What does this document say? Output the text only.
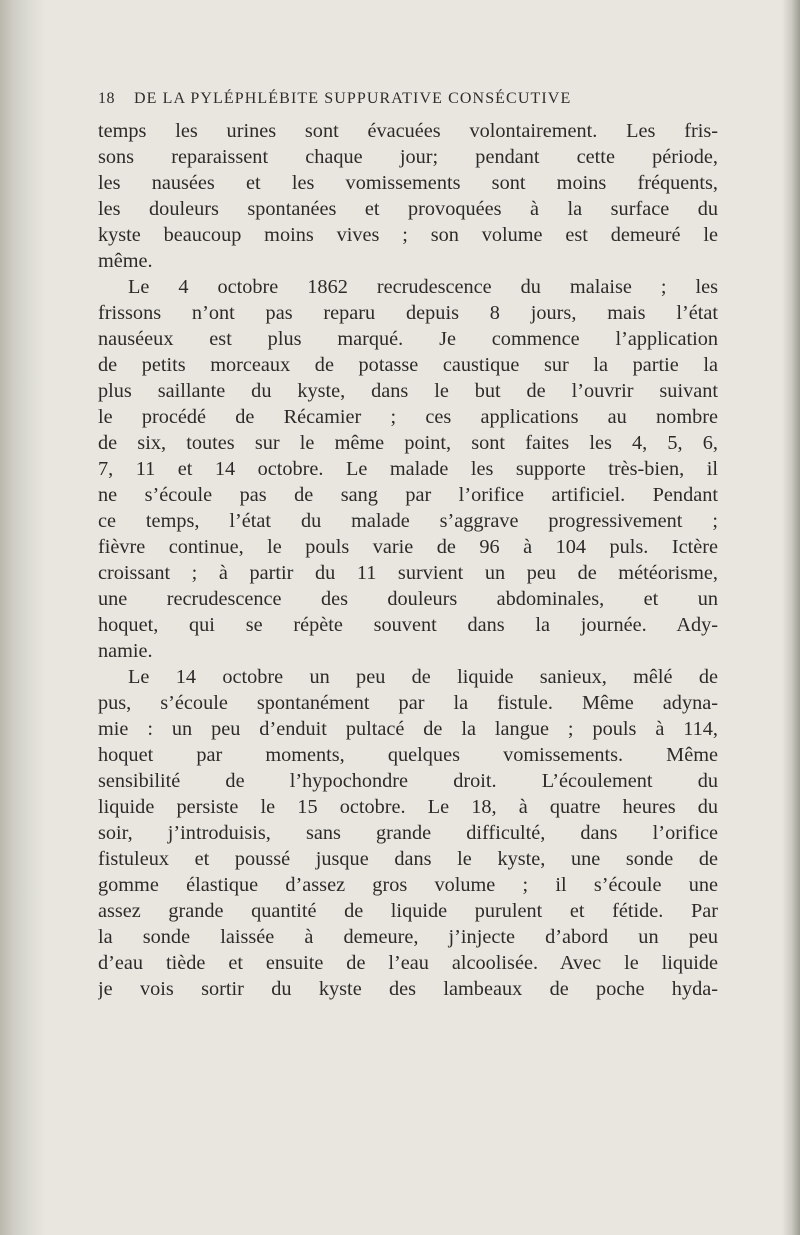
18 DE LA PYLÉPHLÉBITE SUPPURATIVE CONSÉCUTIVE
temps les urines sont évacuées volontairement. Les fris-
sons reparaissent chaque jour; pendant cette période,
les nausées et les vomissements sont moins fréquents,
les douleurs spontanées et provoquées à la surface du
kyste beaucoup moins vives ; son volume est demeuré le
même.
Le 4 octobre 1862 recrudescence du malaise ; les
frissons n’ont pas reparu depuis 8 jours, mais l’état
nauséeux est plus marqué. Je commence l’application
de petits morceaux de potasse caustique sur la partie la
plus saillante du kyste, dans le but de l’ouvrir suivant
le procédé de Récamier ; ces applications au nombre
de six, toutes sur le même point, sont faites les 4, 5, 6,
7, 11 et 14 octobre. Le malade les supporte très-bien, il
ne s’écoule pas de sang par l’orifice artificiel. Pendant
ce temps, l’état du malade s’aggrave progressivement ;
fièvre continue, le pouls varie de 96 à 104 puls. Ictère
croissant ; à partir du 11 survient un peu de météorisme,
une recrudescence des douleurs abdominales, et un
hoquet, qui se répète souvent dans la journée. Ady-
namie.
Le 14 octobre un peu de liquide sanieux, mêlé de
pus, s’écoule spontanément par la fistule. Même adyna-
mie : un peu d’enduit pultacé de la langue ; pouls à 114,
hoquet par moments, quelques vomissements. Même
sensibilité de l’hypochondre droit. L’écoulement du
liquide persiste le 15 octobre. Le 18, à quatre heures du
soir, j’introduisis, sans grande difficulté, dans l’orifice
fistuleux et poussé jusque dans le kyste, une sonde de
gomme élastique d’assez gros volume ; il s’écoule une
assez grande quantité de liquide purulent et fétide. Par
la sonde laissée à demeure, j’injecte d’abord un peu
d’eau tiède et ensuite de l’eau alcoolisée. Avec le liquide
je vois sortir du kyste des lambeaux de poche hyda-
